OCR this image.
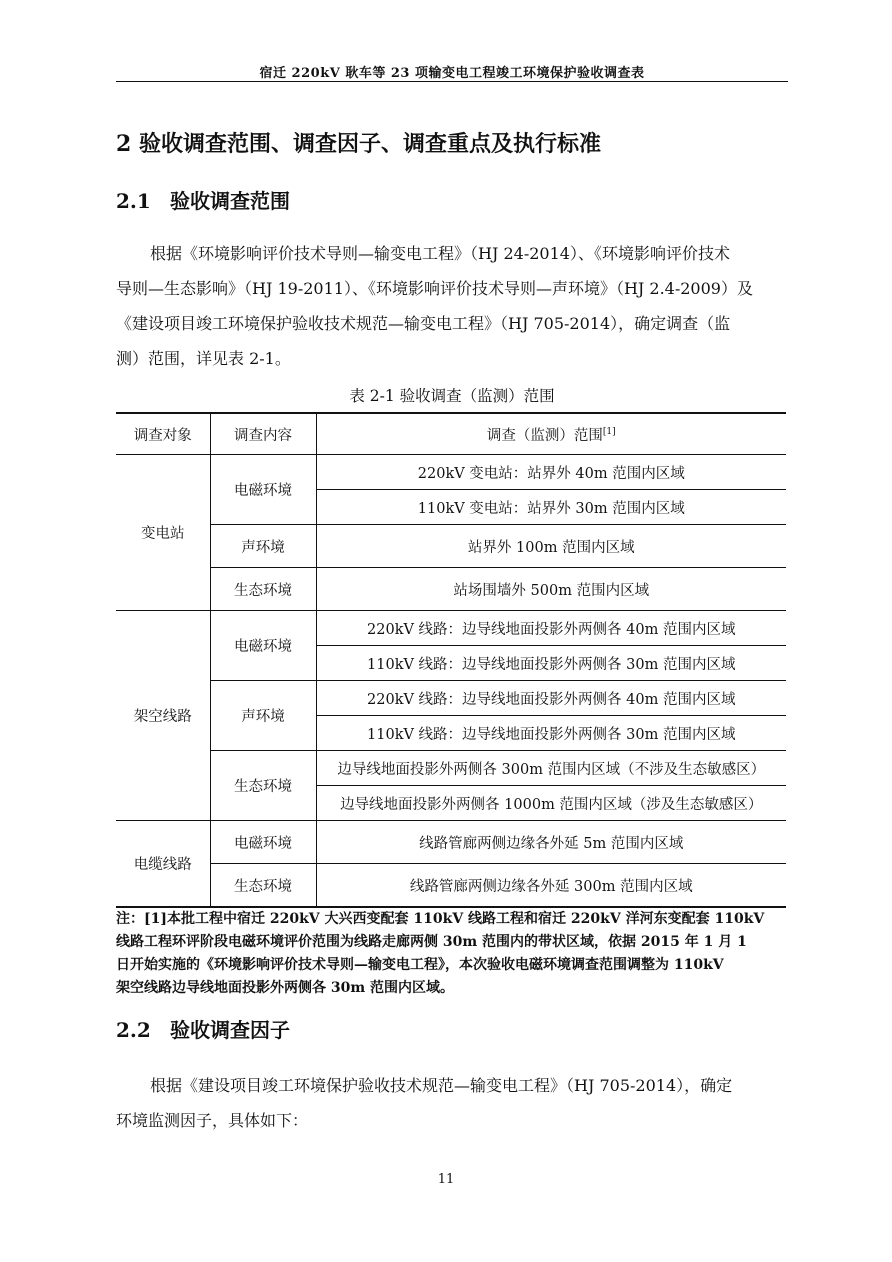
宿迁 220kV 耿车等 23 项输变电工程竣工环境保护验收调查表
2 验收调查范围、调查因子、调查重点及执行标准
2.1 验收调查范围
根据《环境影响评价技术导则—输变电工程》（HJ 24-2014）、《环境影响评价技术
导则—生态影响》（HJ 19-2011）、《环境影响评价技术导则—声环境》（HJ 2.4-2009）及
《建设项目竣工环境保护验收技术规范—输变电工程》（HJ 705-2014），确定调查（监
测）范围，详见表 2-1。
表 2-1 验收调查（监测）范围
调查对象	调查内容	调查（监测）范围[1]
变电站	电磁环境	220kV 变电站：站界外 40m 范围内区域
		110kV 变电站：站界外 30m 范围内区域
	声环境	站界外 100m 范围内区域
	生态环境	站场围墙外 500m 范围内区域
架空线路	电磁环境	220kV 线路：边导线地面投影外两侧各 40m 范围内区域
		110kV 线路：边导线地面投影外两侧各 30m 范围内区域
	声环境	220kV 线路：边导线地面投影外两侧各 40m 范围内区域
		110kV 线路：边导线地面投影外两侧各 30m 范围内区域
	生态环境	边导线地面投影外两侧各 300m 范围内区域（不涉及生态敏感区）
		边导线地面投影外两侧各 1000m 范围内区域（涉及生态敏感区）
电缆线路	电磁环境	线路管廊两侧边缘各外延 5m 范围内区域
	生态环境	线路管廊两侧边缘各外延 300m 范围内区域
注：[1]本批工程中宿迁 220kV 大兴西变配套 110kV 线路工程和宿迁 220kV 洋河东变配套 110kV
线路工程环评阶段电磁环境评价范围为线路走廊两侧 30m 范围内的带状区域，依据 2015 年 1 月 1
日开始实施的《环境影响评价技术导则—输变电工程》，本次验收电磁环境调查范围调整为 110kV
架空线路边导线地面投影外两侧各 30m 范围内区域。
2.2 验收调查因子
根据《建设项目竣工环境保护验收技术规范—输变电工程》（HJ 705-2014），确定
环境监测因子，具体如下：
11
